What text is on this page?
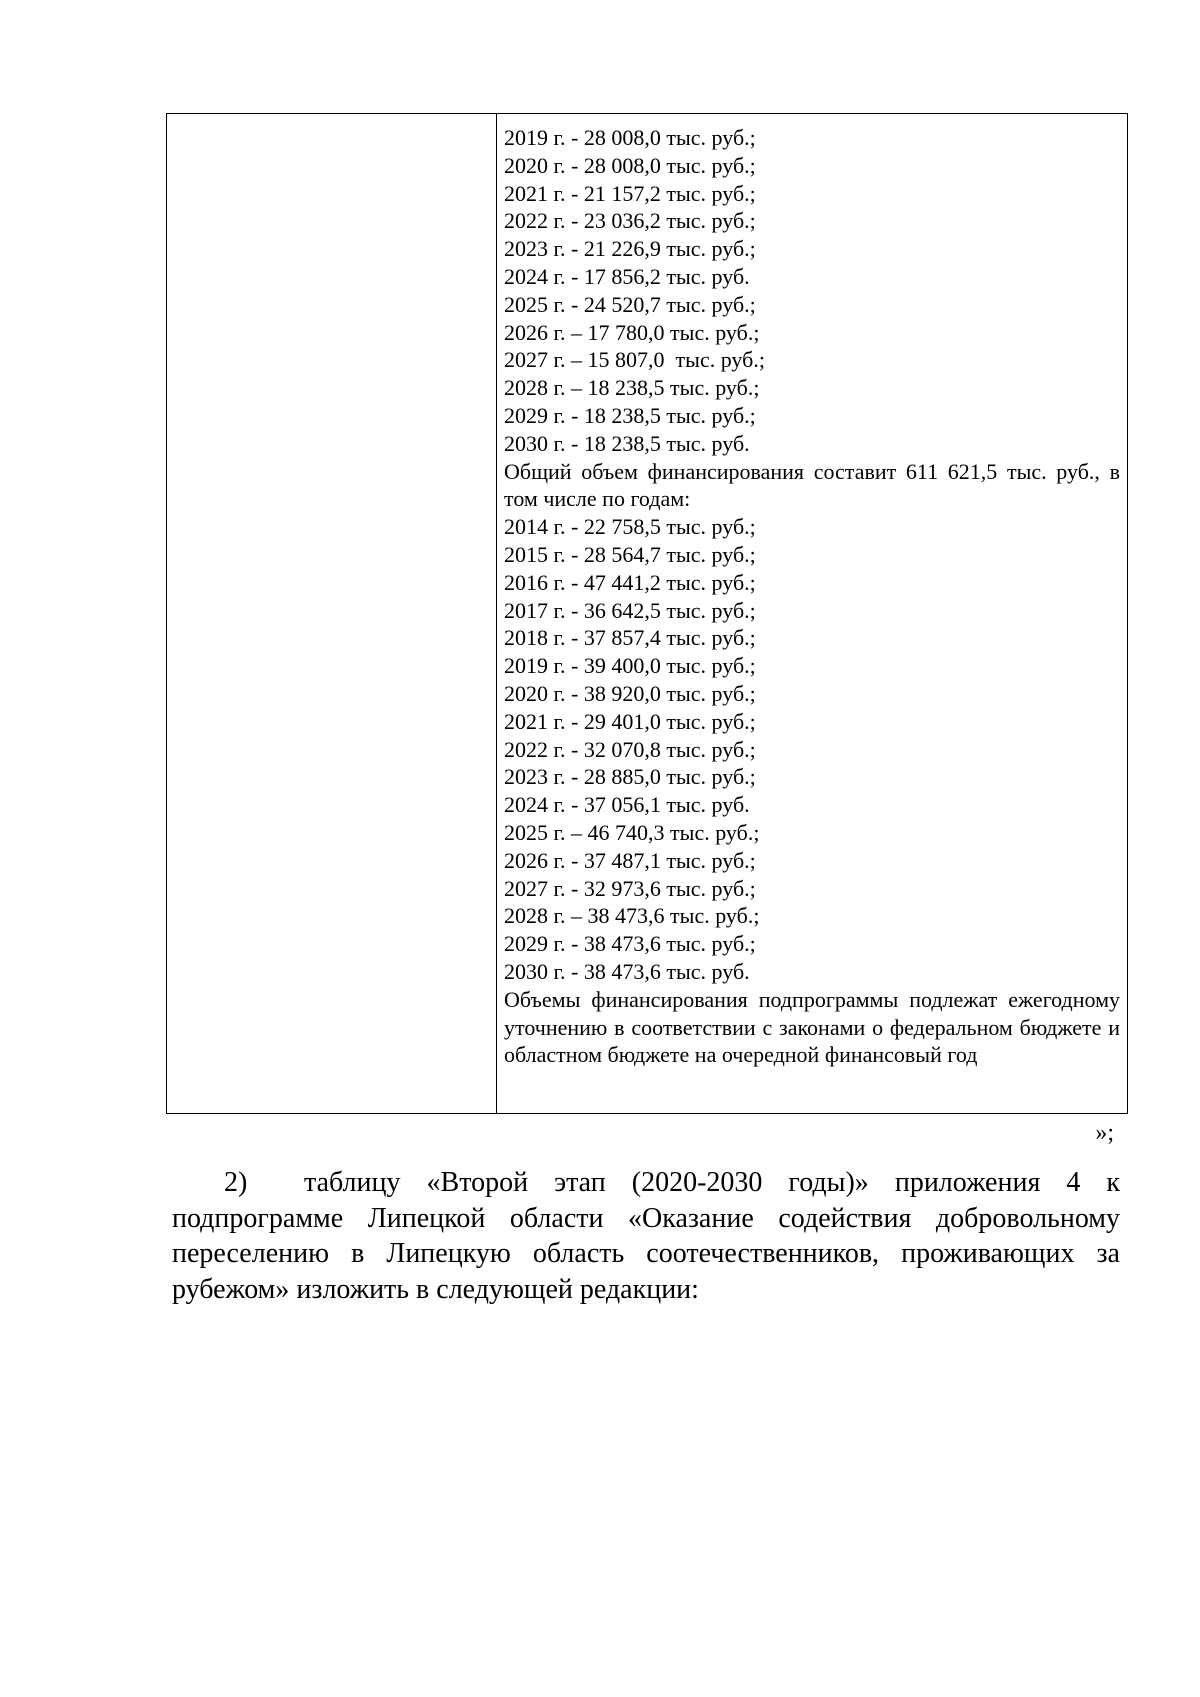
2019 г. - 28 008,0 тыс. руб.;

2020 г. - 28 008,0 тыс. руб.;

2021 г. - 21 157,2 тыс. руб.;

2022 г. - 23 036,2 тыс. руб.;

2023 г. - 21 226,9 тыс. руб.;

2024 г. - 17 856,2 тыс. руб.

2025 г. - 24 520,7 тыс. руб.;

2026 г. – 17 780,0 тыс. руб.;

2027 г. – 15 807,0  тыс. руб.;

2028 г. – 18 238,5 тыс. руб.;

2029 г. - 18 238,5 тыс. руб.;

2030 г. - 18 238,5 тыс. руб.

Общий объем финансирования составит 611 621,5 тыс. руб., в том числе по годам:

2014 г. - 22 758,5 тыс. руб.;

2015 г. - 28 564,7 тыс. руб.;

2016 г. - 47 441,2 тыс. руб.;

2017 г. - 36 642,5 тыс. руб.;

2018 г. - 37 857,4 тыс. руб.;

2019 г. - 39 400,0 тыс. руб.;

2020 г. - 38 920,0 тыс. руб.;

2021 г. - 29 401,0 тыс. руб.;

2022 г. - 32 070,8 тыс. руб.;

2023 г. - 28 885,0 тыс. руб.;

2024 г. - 37 056,1 тыс. руб.

2025 г. – 46 740,3 тыс. руб.;

2026 г. - 37 487,1 тыс. руб.;

2027 г. - 32 973,6 тыс. руб.;

2028 г. – 38 473,6 тыс. руб.;

2029 г. - 38 473,6 тыс. руб.;

2030 г. - 38 473,6 тыс. руб.

Объемы финансирования подпрограммы подлежат ежегодному уточнению в соответствии с законами о федеральном бюджете и областном бюджете на очередной финансовый год

»;
2) таблицу «Второй этап (2020-2030 годы)» приложения 4 к подпрограмме Липецкой области «Оказание содействия добровольному переселению в Липецкую область соотечественников, проживающих за рубежом» изложить в следующей редакции:
